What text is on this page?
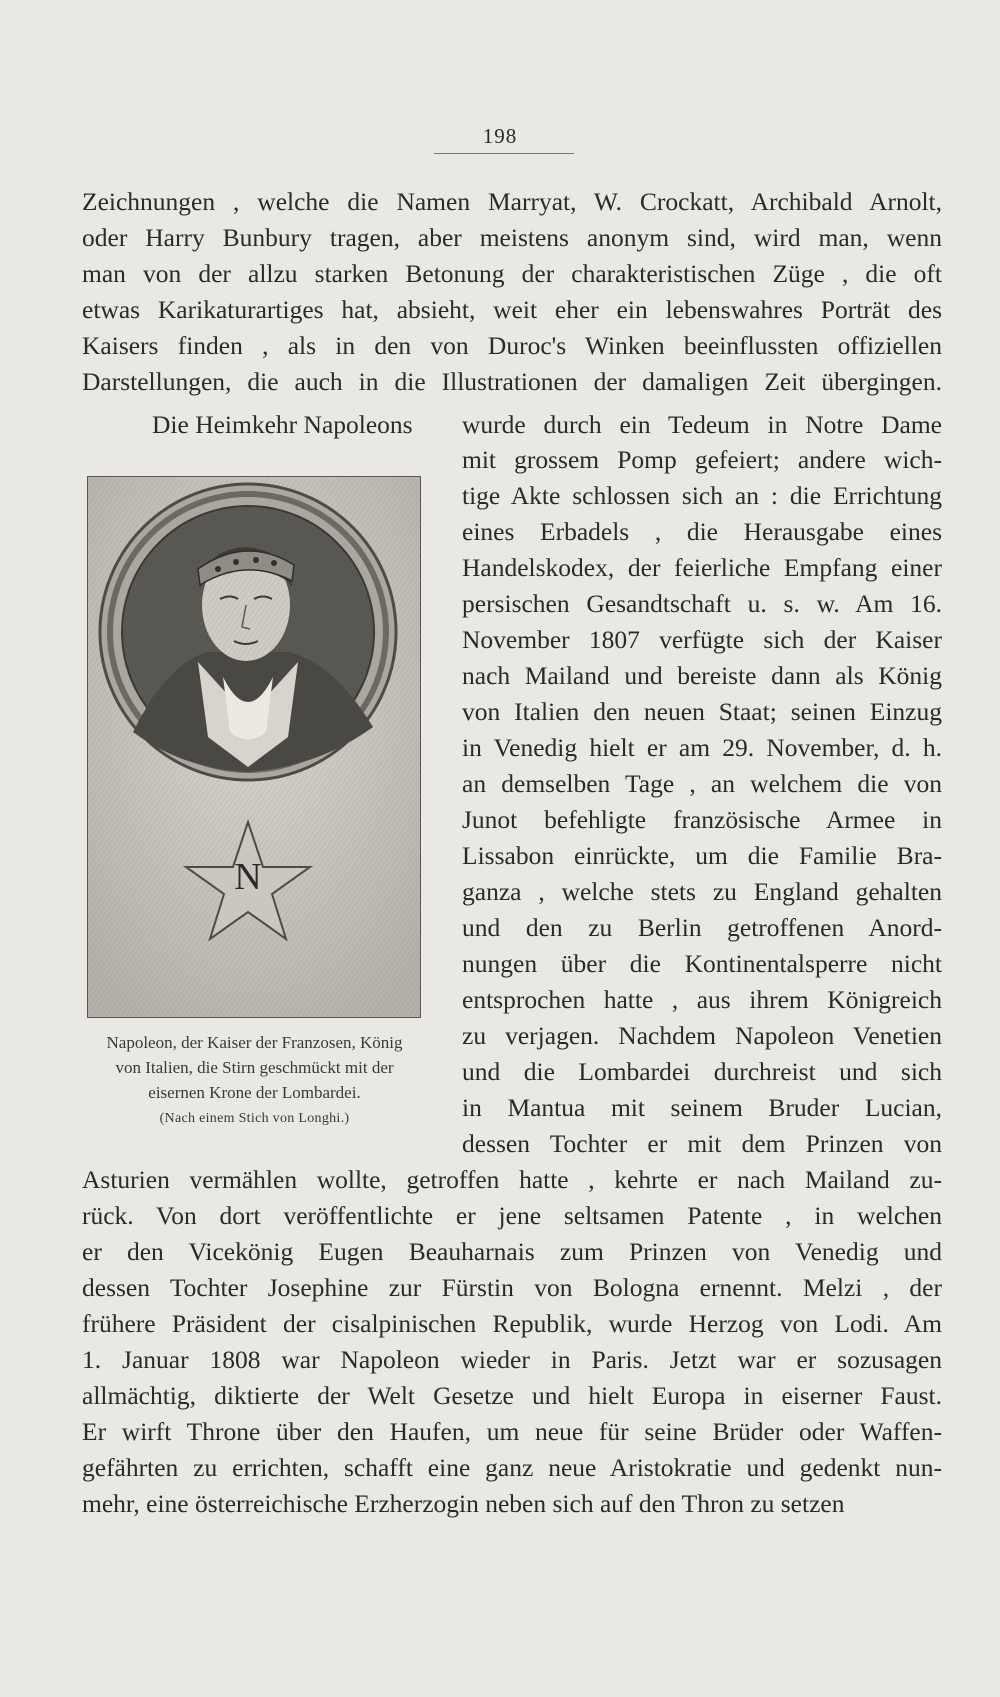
198
Zeichnungen , welche die Namen Marryat, W. Crockatt, Archibald Arnolt,
oder Harry Bunbury tragen, aber meistens anonym sind, wird man, wenn
man von der allzu starken Betonung der charakteristischen Züge , die oft
etwas Karikaturartiges hat, absieht, weit eher ein lebenswahres Porträt des
Kaisers finden , als in den von Duroc's Winken beeinflussten offiziellen
Darstellungen, die auch in die Illustrationen der damaligen Zeit übergingen.
Die Heimkehr Napoleons	wurde durch ein Tedeum in Notre Dame
mit grossem Pomp gefeiert; andere wich-
tige Akte schlossen sich an : die Errichtung
eines Erbadels , die Herausgabe eines
Handelskodex, der feierliche Empfang einer
persischen Gesandtschaft u. s. w. Am 16.
November 1807 verfügte sich der Kaiser
nach Mailand und bereiste dann als König
von Italien den neuen Staat; seinen Einzug
in Venedig hielt er am 29. November, d. h.
an demselben Tage , an welchem die von
Junot befehligte französische Armee in
Lissabon einrückte, um die Familie Bra-
ganza , welche stets zu England gehalten
und den zu Berlin getroffenen Anord-
nungen über die Kontinentalsperre nicht
entsprochen hatte , aus ihrem Königreich
zu verjagen. Nachdem Napoleon Venetien
und die Lombardei durchreist und sich
in Mantua mit seinem Bruder Lucian,
dessen Tochter er mit dem Prinzen von
Asturien vermählen wollte, getroffen hatte , kehrte er nach Mailand zu-
rück. Von dort veröffentlichte er jene seltsamen Patente , in welchen
er den Vicekönig Eugen Beauharnais zum Prinzen von Venedig und
dessen Tochter Josephine zur Fürstin von Bologna ernennt. Melzi , der
frühere Präsident der cisalpinischen Republik, wurde Herzog von Lodi. Am
1. Januar 1808 war Napoleon wieder in Paris. Jetzt war er sozusagen
allmächtig, diktierte der Welt Gesetze und hielt Europa in eiserner Faust.
Er wirft Throne über den Haufen, um neue für seine Brüder oder Waffen-
gefährten zu errichten, schafft eine ganz neue Aristokratie und gedenkt nun-
mehr, eine österreichische Erzherzogin neben sich auf den Thron zu setzen
N
Napoleon, der Kaiser der Franzosen, König
von Italien, die Stirn geschmückt mit der
eisernen Krone der Lombardei.
(Nach einem Stich von Longhi.)
